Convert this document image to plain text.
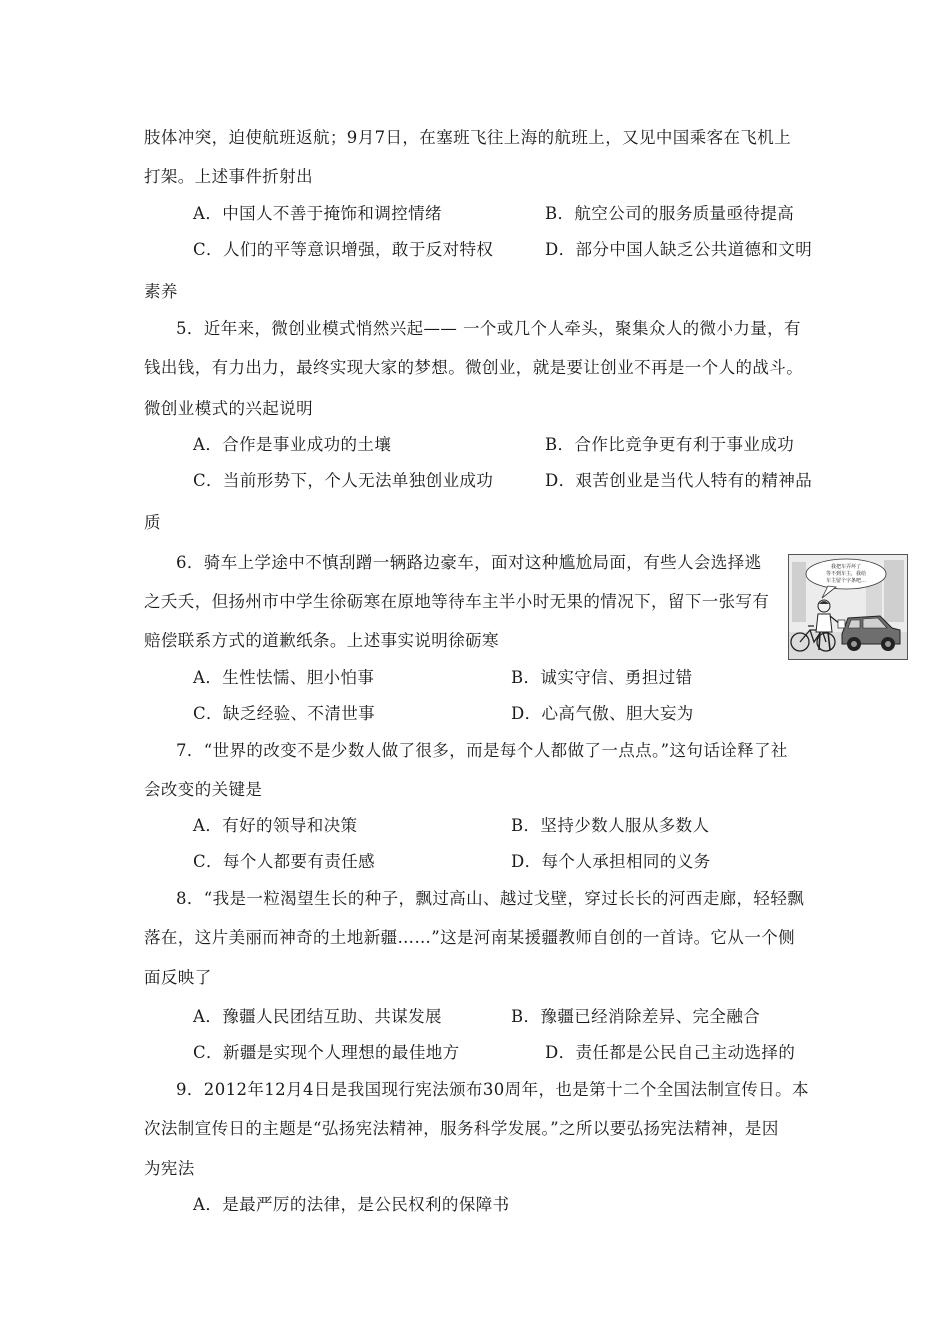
肢体冲突，迫使航班返航；9月7日，在塞班飞往上海的航班上，又见中国乘客在飞机上
打架。上述事件折射出
A．中国人不善于掩饰和调控情绪	B．航空公司的服务质量亟待提高
C．人们的平等意识增强，敢于反对特权	D．部分中国人缺乏公共道德和文明
素养
5．近年来，微创业模式悄然兴起—— 一个或几个人牵头，聚集众人的微小力量，有
钱出钱，有力出力，最终实现大家的梦想。微创业，就是要让创业不再是一个人的战斗。
微创业模式的兴起说明
A．合作是事业成功的土壤	B．合作比竞争更有利于事业成功
C．当前形势下，个人无法单独创业成功	D．艰苦创业是当代人特有的精神品
质
6．骑车上学途中不慎刮蹭一辆路边豪车，面对这种尴尬局面，有些人会选择逃
之夭夭，但扬州市中学生徐砺寒在原地等待车主半小时无果的情况下，留下一张写有
赔偿联系方式的道歉纸条。上述事实说明徐砺寒
A．生性怯懦、胆小怕事	B．诚实守信、勇担过错
C．缺乏经验、不清世事	D．心高气傲、胆大妄为
我把车弄坏了
等不到车主，我给
车主留个字条吧…
7．“世界的改变不是少数人做了很多，而是每个人都做了一点点。”这句话诠释了社
会改变的关键是
A．有好的领导和决策	B．坚持少数人服从多数人
C．每个人都要有责任感	D．每个人承担相同的义务
8．“我是一粒渴望生长的种子，飘过高山、越过戈壁，穿过长长的河西走廊，轻轻飘
落在，这片美丽而神奇的土地新疆……”这是河南某援疆教师自创的一首诗。它从一个侧
面反映了
A．豫疆人民团结互助、共谋发展	B．豫疆已经消除差异、完全融合
C．新疆是实现个人理想的最佳地方	D．责任都是公民自己主动选择的
9．2012年12月4日是我国现行宪法颁布30周年，也是第十二个全国法制宣传日。本
次法制宣传日的主题是“弘扬宪法精神，服务科学发展。”之所以要弘扬宪法精神，是因
为宪法
A．是最严厉的法律，是公民权利的保障书
